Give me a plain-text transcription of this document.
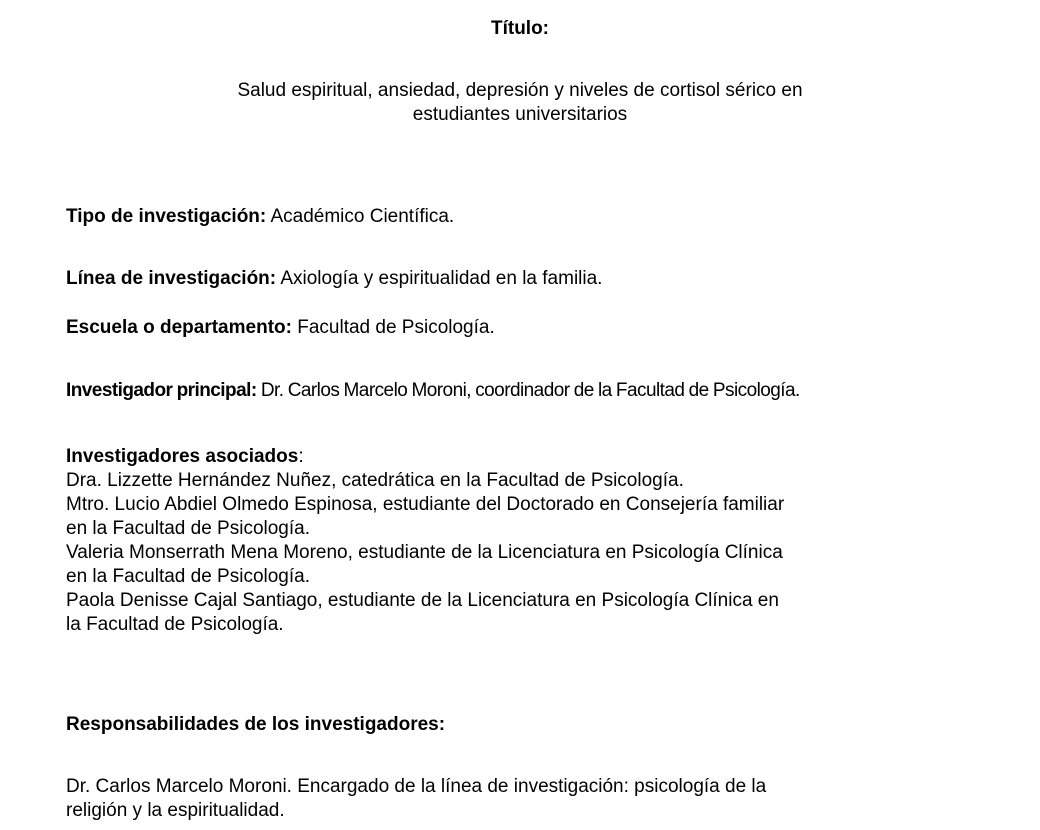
Título:
Salud espiritual, ansiedad, depresión y niveles de cortisol sérico en
estudiantes universitarios
Tipo de investigación: Académico Científica.
Línea de investigación: Axiología y espiritualidad en la familia.
Escuela o departamento: Facultad de Psicología.
Investigador principal: Dr. Carlos Marcelo Moroni, coordinador de la Facultad de Psicología.
Investigadores asociados:
Dra. Lizzette Hernández Nuñez, catedrática en la Facultad de Psicología.
Mtro. Lucio Abdiel Olmedo Espinosa, estudiante del Doctorado en Consejería familiar
en la Facultad de Psicología.
Valeria Monserrath Mena Moreno, estudiante de la Licenciatura en Psicología Clínica
en la Facultad de Psicología.
Paola Denisse Cajal Santiago, estudiante de la Licenciatura en Psicología Clínica en
la Facultad de Psicología.
Responsabilidades de los investigadores:
Dr. Carlos Marcelo Moroni. Encargado de la línea de investigación: psicología de la
religión y la espiritualidad.
